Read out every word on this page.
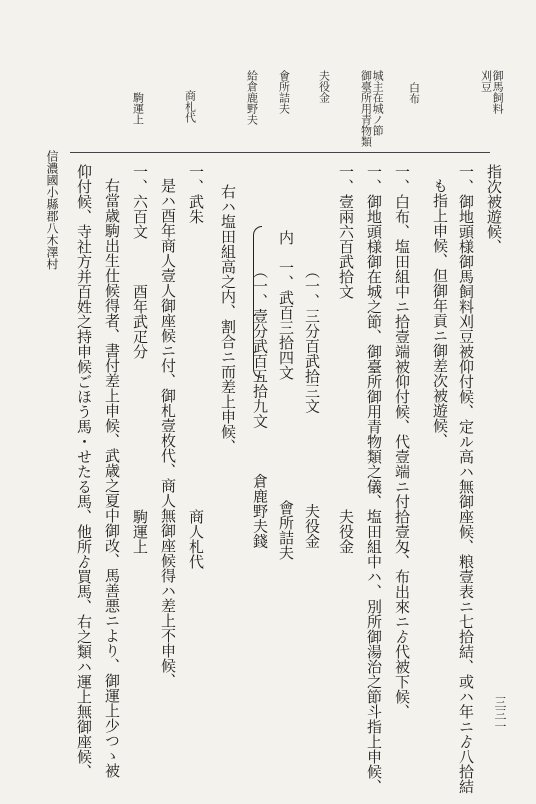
御馬飼料
刈豆
白布
城主在城ノ節
御臺所用青物類
夫役金
會所詰夫
給倉鹿野夫
商札代
駒運上
指次被遊候、
一、御地頭様御馬飼料刈豆被仰付候、定ル高ハ無御座候、粮壹表ニ七拾結、或ハ年ニゟ八拾結
も指上申候、但御年貢ニ御差次被遊候、
一、白布、塩田組中ニ拾壹端被仰付候、代壹端ニ付拾壹匁、布出來ニゟ代被下候、
一、御地頭様御在城之節、御臺所御用青物類之儀、塩田組中ハ、別所御湯治之節斗指上申候、
一、壹兩六百武拾文　　　　　　　　　　　　　　夫役金
　　　（一、三分百武拾三文　　　　　　夫役金
　　内　一、武百三拾四文　　　　　　　　會所詰夫
　　　（一、壹分武百五拾九文　　　倉鹿野夫錢
右ハ塩田組高之内、割合ニ而差上申候、
一、武朱　　　　　　　　　　　　　　　　　　　商人札代
是ハ酉年商人壹人御座候ニ付、御札壹枚代、商人無御座候得ハ差上不申候、
一、六百文　　　酉年武疋分　　　　　　　　　　駒運上
右當歳駒出生仕候得者、書付差上申候、武歳之夏中御改、馬善悪ニより、御運上少つゝ被
仰付候、寺社方并百姓之持申候ごほう馬・せたる馬、他所ゟ買馬、右之類ハ運上無御座候、
信濃國小縣郡八木澤村
三三一
